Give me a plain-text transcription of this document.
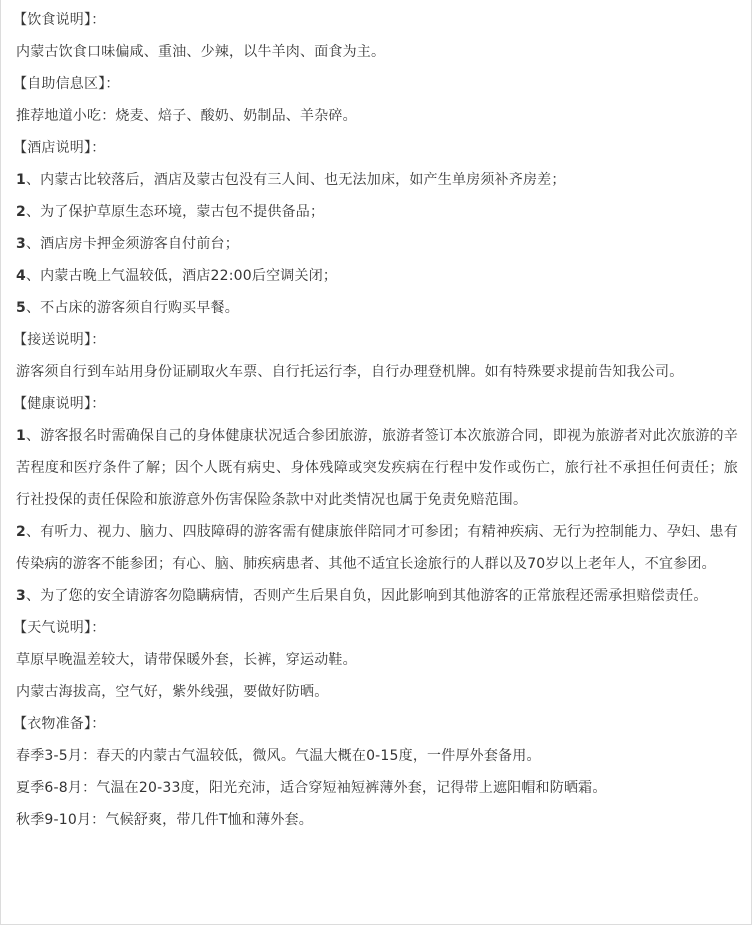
【饮食说明】：

内蒙古饮食口味偏咸、重油、少辣，以牛羊肉、面食为主。

【自助信息区】：

推荐地道小吃：烧麦、焙子、酸奶、奶制品、羊杂碎。

【酒店说明】：

1、内蒙古比较落后，酒店及蒙古包没有三人间、也无法加床，如产生单房须补齐房差；

2、为了保护草原生态环境，蒙古包不提供备品；

3、酒店房卡押金须游客自付前台；

4、内蒙古晚上气温较低，酒店22:00后空调关闭；

5、不占床的游客须自行购买早餐。

【接送说明】：

游客须自行到车站用身份证刷取火车票、自行托运行李，自行办理登机牌。如有特殊要求提前告知我公司。

【健康说明】：

1、游客报名时需确保自己的身体健康状况适合参团旅游，旅游者签订本次旅游合同，即视为旅游者对此次旅游的辛苦程度和医疗条件了解；因个人既有病史、身体残障或突发疾病在行程中发作或伤亡，旅行社不承担任何责任；旅行社投保的责任保险和旅游意外伤害保险条款中对此类情况也属于免责免赔范围。

2、有听力、视力、脑力、四肢障碍的游客需有健康旅伴陪同才可参团；有精神疾病、无行为控制能力、孕妇、患有传染病的游客不能参团；有心、脑、肺疾病患者、其他不适宜长途旅行的人群以及70岁以上老年人，不宜参团。

3、为了您的安全请游客勿隐瞒病情，否则产生后果自负，因此影响到其他游客的正常旅程还需承担赔偿责任。

【天气说明】：

草原早晚温差较大，请带保暖外套，长裤，穿运动鞋。

内蒙古海拔高，空气好，紫外线强，要做好防晒。

【衣物准备】：

春季3-5月：春天的内蒙古气温较低，微风。气温大概在0-15度，一件厚外套备用。

夏季6-8月：气温在20-33度，阳光充沛，适合穿短袖短裤薄外套，记得带上遮阳帽和防晒霜。

秋季9-10月：气候舒爽，带几件T恤和薄外套。
